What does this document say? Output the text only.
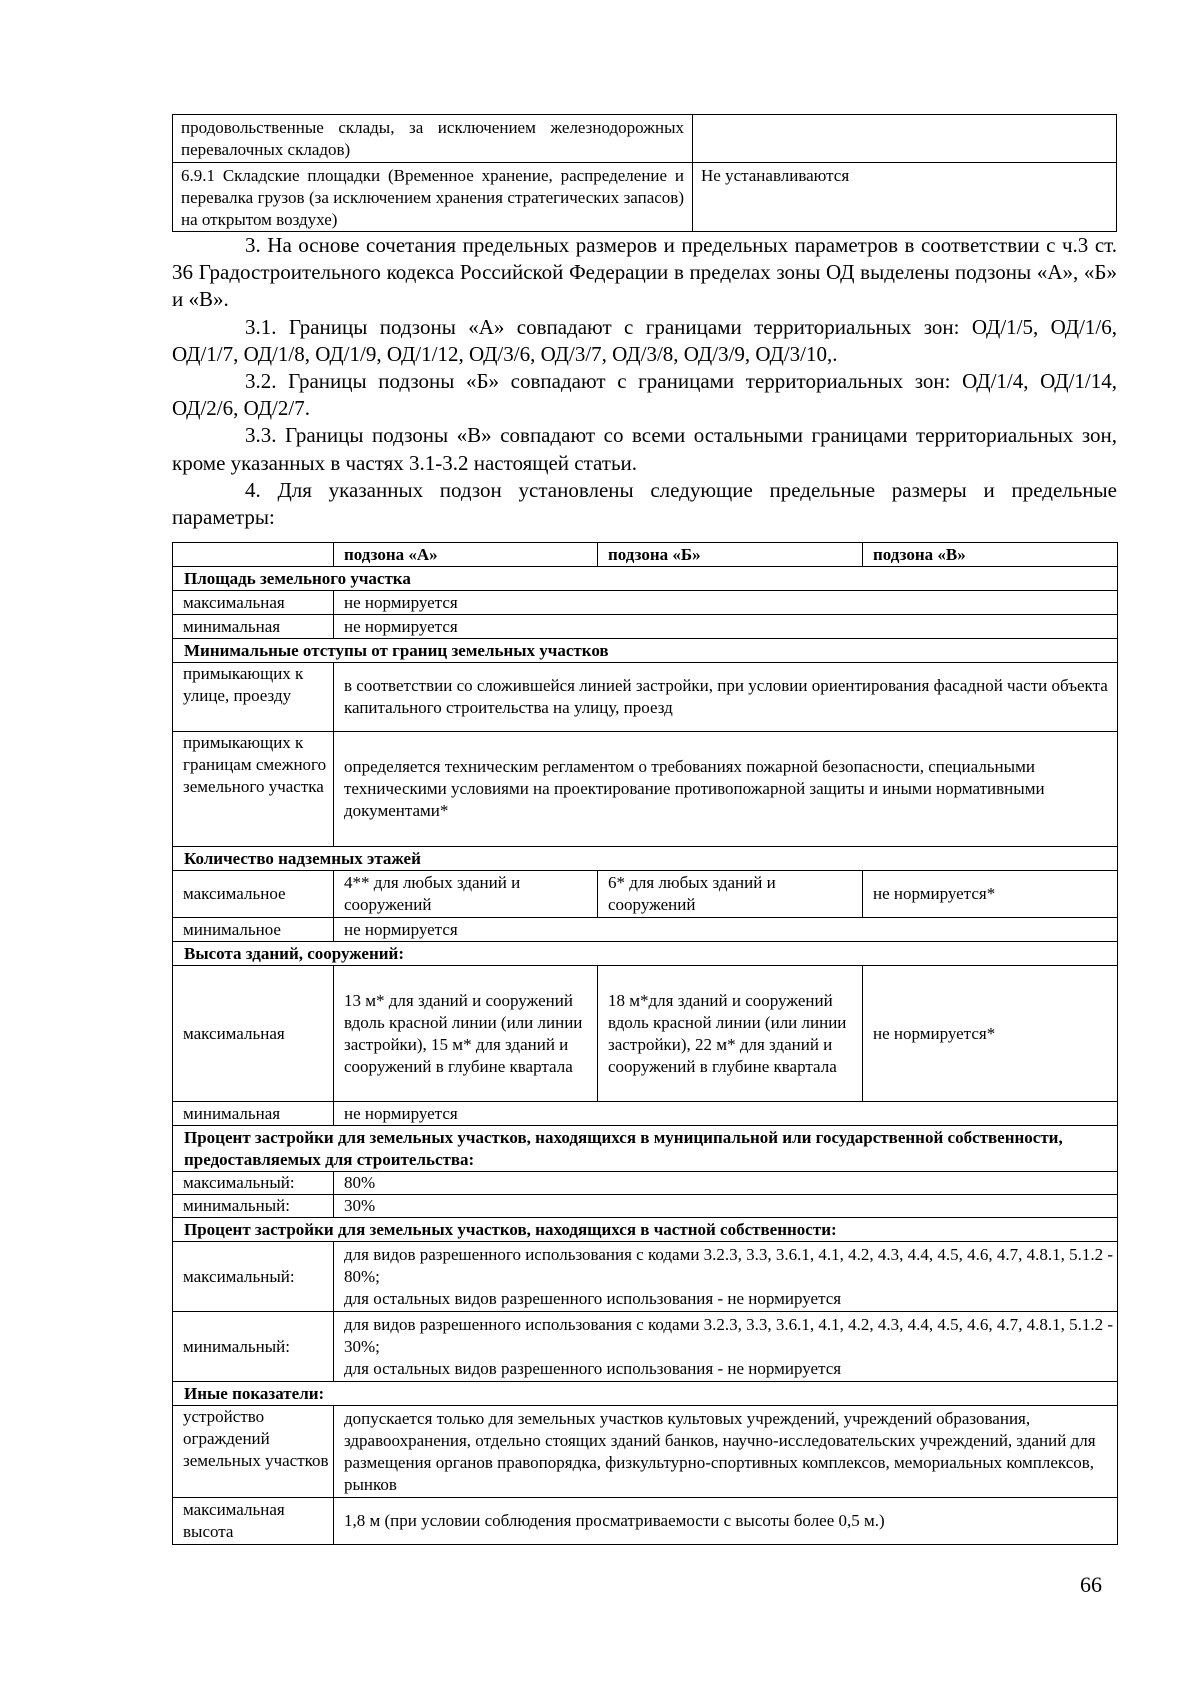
продовольственные склады, за исключением железнодорожных перевалочных складов)	
6.9.1 Складские площадки (Временное хранение, распределение и перевалка грузов (за исключением хранения стратегических запасов) на открытом воздухе)	Не устанавливаются

3. На основе сочетания предельных размеров и предельных параметров в соответствии с ч.3 ст. 36 Градостроительного кодекса Российской Федерации в пределах зоны ОД выделены подзоны «А», «Б» и «В».

3.1. Границы подзоны «А» совпадают с границами территориальных зон: ОД/1/5, ОД/1/6, ОД/1/7, ОД/1/8, ОД/1/9, ОД/1/12, ОД/3/6, ОД/3/7, ОД/3/8, ОД/3/9, ОД/3/10,.

3.2. Границы подзоны «Б» совпадают с границами территориальных зон: ОД/1/4, ОД/1/14, ОД/2/6, ОД/2/7.

3.3. Границы подзоны «В» совпадают со всеми остальными границами территориальных зон, кроме указанных в частях 3.1-3.2 настоящей статьи.

4. Для указанных подзон установлены следующие предельные размеры и предельные параметры:

	подзона «А»	подзона «Б»	подзона «В»
Площадь земельного участка			
максимальная	не нормируется		
минимальная	не нормируется		
Минимальные отступы от границ земельных участков			
примыкающих к улице, проезду	в соответствии со сложившейся линией застройки, при условии ориентирования фасадной части объекта капитального строительства на улицу, проезд		
примыкающих к границам смежного земельного участка	определяется техническим регламентом о требованиях пожарной безопасности, специальными техническими условиями на проектирование противопожарной защиты и иными нормативными документами*		
Количество надземных этажей			
максимальное	4** для любых зданий и сооружений	6* для любых зданий и сооружений	не нормируется*
минимальное	не нормируется		
Высота зданий, сооружений:			
максимальная	13 м* для зданий и сооружений вдоль красной линии (или линии застройки), 15 м* для зданий и сооружений в глубине квартала	18 м*для зданий и сооружений вдоль красной линии (или линии застройки), 22 м* для зданий и сооружений в глубине квартала	не нормируется*
минимальная	не нормируется		
Процент застройки для земельных участков, находящихся в муниципальной или государственной собственности, предоставляемых для строительства:			
максимальный:	80%		
минимальный:	30%		
Процент застройки для земельных участков, находящихся в частной собственности:			
максимальный:	для видов разрешенного использования с кодами 3.2.3, 3.3, 3.6.1, 4.1, 4.2, 4.3, 4.4, 4.5, 4.6, 4.7, 4.8.1, 5.1.2 - 80%;
для остальных видов разрешенного использования - не нормируется		

минимальный:	для видов разрешенного использования с кодами 3.2.3, 3.3, 3.6.1, 4.1, 4.2, 4.3, 4.4, 4.5, 4.6, 4.7, 4.8.1, 5.1.2 - 30%;
для остальных видов разрешенного использования - не нормируется		

Иные показатели:			
устройство ограждений земельных участков	допускается только для земельных участков культовых учреждений, учреждений образования, здравоохранения, отдельно стоящих зданий банков, научно-исследовательских учреждений, зданий для размещения органов правопорядка, физкультурно-спортивных комплексов, мемориальных комплексов, рынков		
максимальная высота	1,8 м (при условии соблюдения просматриваемости с высоты более 0,5 м.)		
66
